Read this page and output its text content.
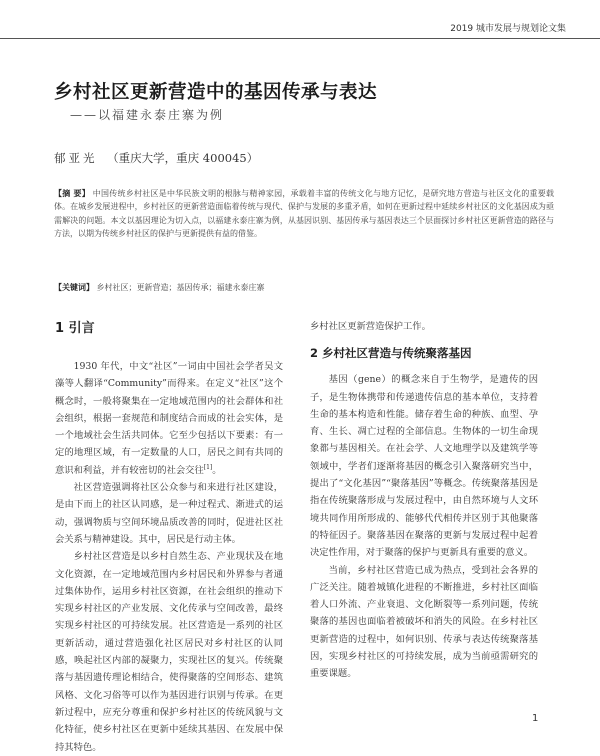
2019 城市发展与规划论文集
乡村社区更新营造中的基因传承与表达
——以福建永泰庄寨为例
郁亚光 （重庆大学，重庆 400045）
【摘 要】 中国传统乡村社区是中华民族文明的根脉与精神家园，承载着丰富的传统文化与地方记忆，是研究地方营造与社区文化的重要载体。在城乡发展进程中，乡村社区的更新营造面临着传统与现代、保护与发展的多重矛盾，如何在更新过程中延续乡村社区的文化基因成为亟需解决的问题。本文以基因理论为切入点，以福建永泰庄寨为例，从基因识别、基因传承与基因表达三个层面探讨乡村社区更新营造的路径与方法，以期为传统乡村社区的保护与更新提供有益的借鉴。
【关键词】 乡村社区；更新营造；基因传承；福建永泰庄寨
1 引言

1930 年代，中文“社区”一词由中国社会学者吴文藻等人翻译“Community”而得来。在定义“社区”这个概念时，一般将聚集在一定地域范围内的社会群体和社会组织，根据一套规范和制度结合而成的社会实体，是一个地域社会生活共同体。它至少包括以下要素：有一定的地理区域，有一定数量的人口，居民之间有共同的意识和利益，并有较密切的社会交往[1]。

社区营造强调将社区公众参与和来进行社区建设，是由下而上的社区认同感，是一种过程式、渐进式的运动，强调物质与空间环境品质改善的同时，促进社区社会关系与精神建设。其中，居民是行动主体。

乡村社区营造是以乡村自然生态、产业现状及在地文化资源，在一定地域范围内乡村居民和外界参与者通过集体协作，运用乡村社区资源，在社会组织的推动下实现乡村社区的产业发展、文化传承与空间改善，最终实现乡村社区的可持续发展。社区营造是一系列的社区更新活动，通过营造强化社区居民对乡村社区的认同感，唤起社区内部的凝聚力，实现社区的复兴。传统聚落与基因遗传理论相结合，使得聚落的空间形态、建筑风格、文化习俗等可以作为基因进行识别与传承。在更新过程中，应充分尊重和保护乡村社区的传统风貌与文化特征，使乡村社区在更新中延续其基因、在发展中保持其特色。

乡村社区更新营造保护工作。

2 乡村社区营造与传统聚落基因

基因（gene）的概念来自于生物学，是遗传的因子，是生物体携带和传递遗传信息的基本单位，支持着生命的基本构造和性能。储存着生命的种族、血型、孕育、生长、凋亡过程的全部信息。生物体的一切生命现象都与基因相关。在社会学、人文地理学以及建筑学等领域中，学者们逐渐将基因的概念引入聚落研究当中，提出了“文化基因”“聚落基因”等概念。传统聚落基因是指在传统聚落形成与发展过程中，由自然环境与人文环境共同作用所形成的、能够代代相传并区别于其他聚落的特征因子。聚落基因在聚落的更新与发展过程中起着决定性作用，对于聚落的保护与更新具有重要的意义。

当前，乡村社区营造已成为热点，受到社会各界的广泛关注。随着城镇化进程的不断推进，乡村社区面临着人口外流、产业衰退、文化断裂等一系列问题，传统聚落的基因也面临着被破坏和消失的风险。在乡村社区更新营造的过程中，如何识别、传承与表达传统聚落基因，实现乡村社区的可持续发展，成为当前亟需研究的重要课题。

1
